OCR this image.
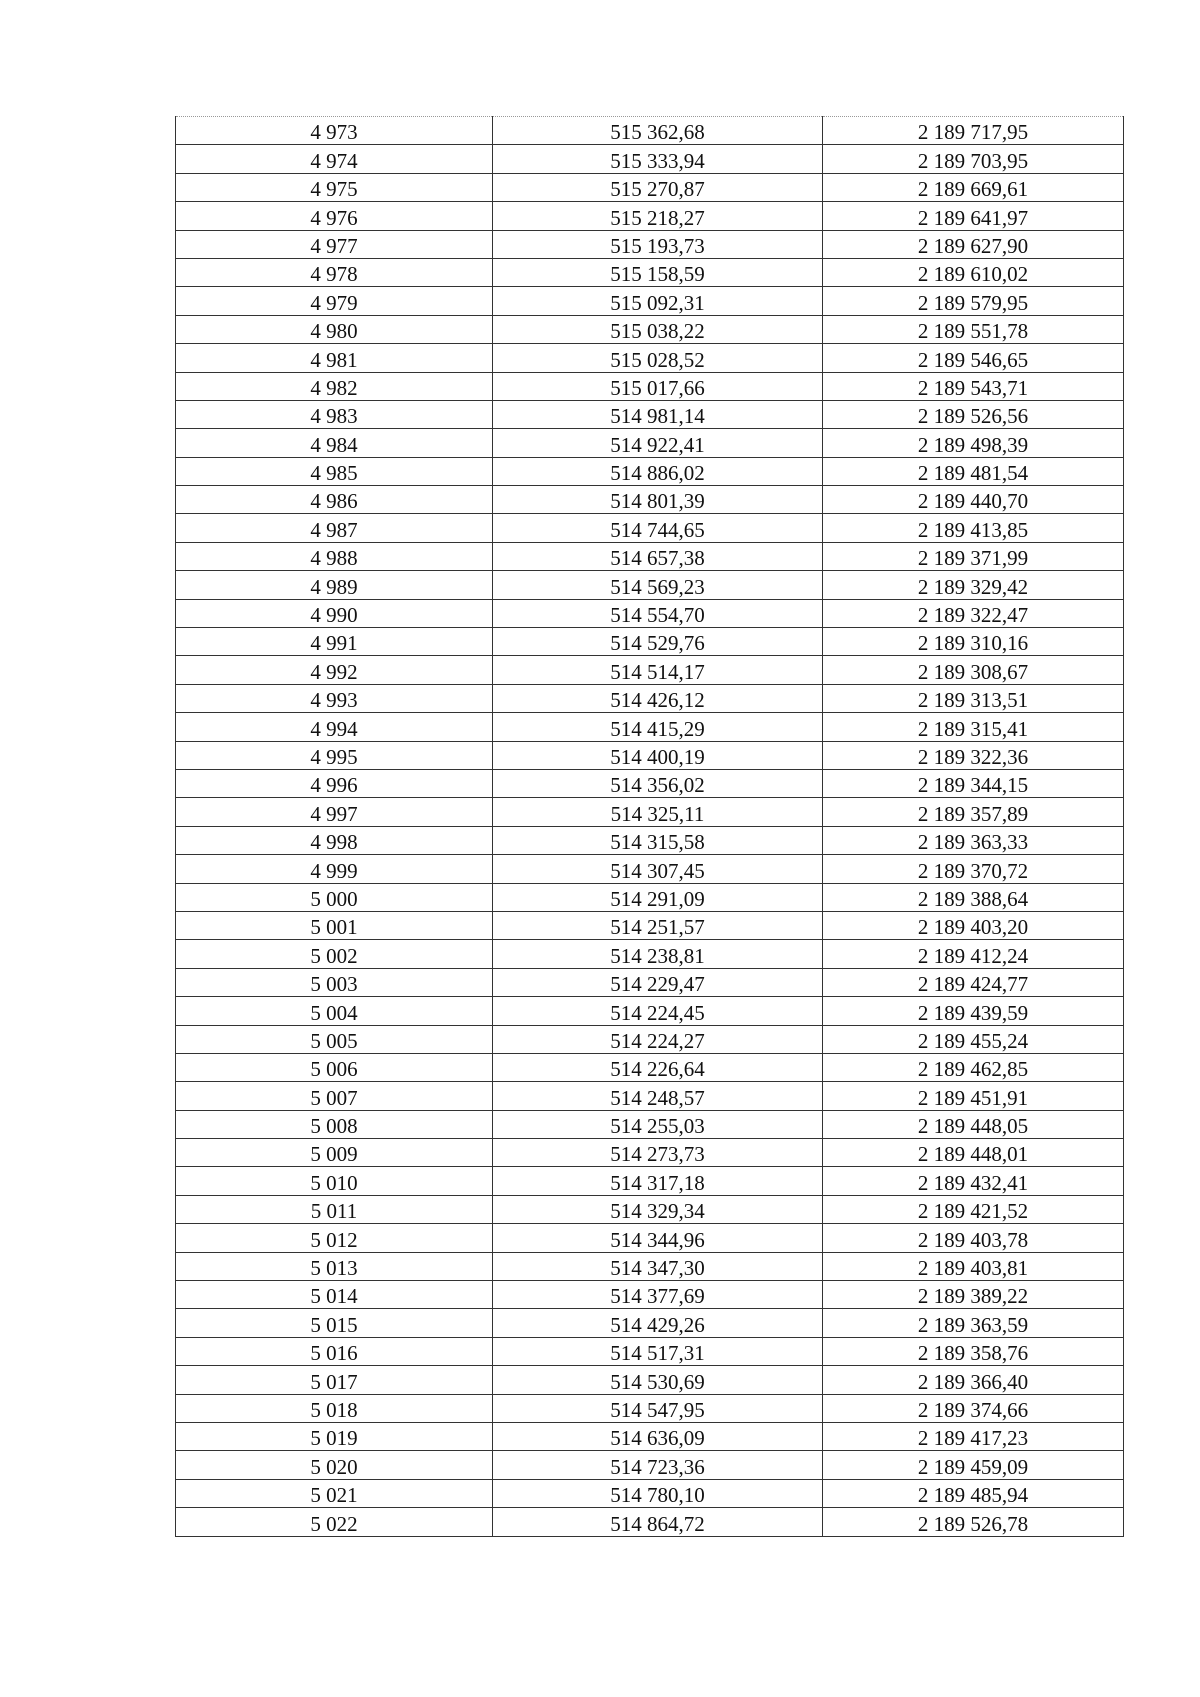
4 973	515 362,68	2 189 717,95
4 974	515 333,94	2 189 703,95
4 975	515 270,87	2 189 669,61
4 976	515 218,27	2 189 641,97
4 977	515 193,73	2 189 627,90
4 978	515 158,59	2 189 610,02
4 979	515 092,31	2 189 579,95
4 980	515 038,22	2 189 551,78
4 981	515 028,52	2 189 546,65
4 982	515 017,66	2 189 543,71
4 983	514 981,14	2 189 526,56
4 984	514 922,41	2 189 498,39
4 985	514 886,02	2 189 481,54
4 986	514 801,39	2 189 440,70
4 987	514 744,65	2 189 413,85
4 988	514 657,38	2 189 371,99
4 989	514 569,23	2 189 329,42
4 990	514 554,70	2 189 322,47
4 991	514 529,76	2 189 310,16
4 992	514 514,17	2 189 308,67
4 993	514 426,12	2 189 313,51
4 994	514 415,29	2 189 315,41
4 995	514 400,19	2 189 322,36
4 996	514 356,02	2 189 344,15
4 997	514 325,11	2 189 357,89
4 998	514 315,58	2 189 363,33
4 999	514 307,45	2 189 370,72
5 000	514 291,09	2 189 388,64
5 001	514 251,57	2 189 403,20
5 002	514 238,81	2 189 412,24
5 003	514 229,47	2 189 424,77
5 004	514 224,45	2 189 439,59
5 005	514 224,27	2 189 455,24
5 006	514 226,64	2 189 462,85
5 007	514 248,57	2 189 451,91
5 008	514 255,03	2 189 448,05
5 009	514 273,73	2 189 448,01
5 010	514 317,18	2 189 432,41
5 011	514 329,34	2 189 421,52
5 012	514 344,96	2 189 403,78
5 013	514 347,30	2 189 403,81
5 014	514 377,69	2 189 389,22
5 015	514 429,26	2 189 363,59
5 016	514 517,31	2 189 358,76
5 017	514 530,69	2 189 366,40
5 018	514 547,95	2 189 374,66
5 019	514 636,09	2 189 417,23
5 020	514 723,36	2 189 459,09
5 021	514 780,10	2 189 485,94
5 022	514 864,72	2 189 526,78
